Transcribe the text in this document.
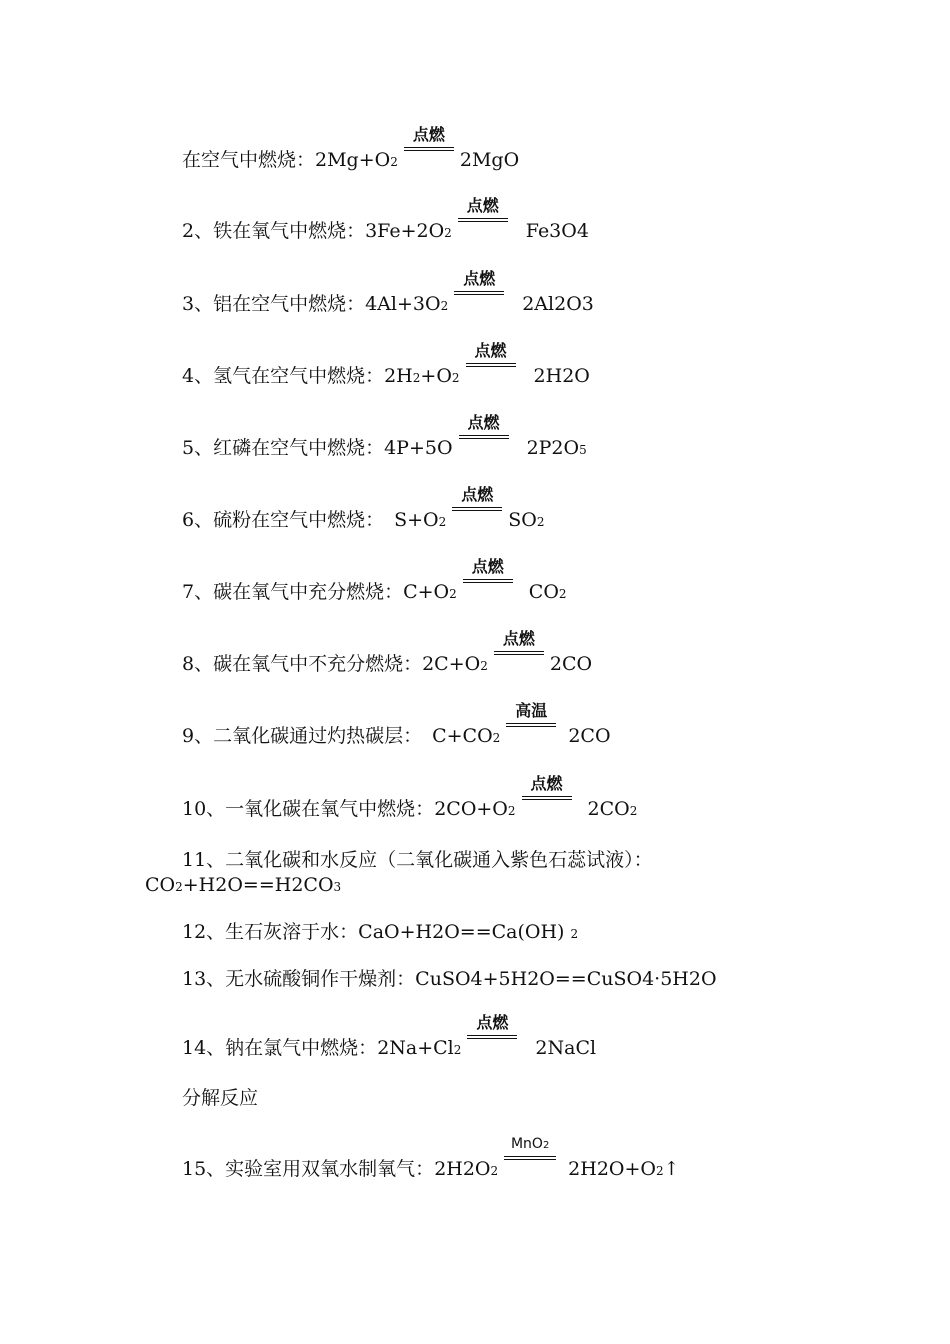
在空气中燃烧：2Mg+O2
点燃
2MgO
2、铁在氧气中燃烧：3Fe+2O2
点燃
Fe3O4
3、铝在空气中燃烧：4Al+3O2
点燃
2Al2O3
4、氢气在空气中燃烧：2H2+O2
点燃
2H2O
5、红磷在空气中燃烧：4P+5O
点燃
2P2O5
6、硫粉在空气中燃烧： S+O2
点燃
SO2
7、碳在氧气中充分燃烧：C+O2
点燃
CO2
8、碳在氧气中不充分燃烧：2C+O2
点燃
2CO
9、二氧化碳通过灼热碳层： C+CO2
高温
2CO
10、一氧化碳在氧气中燃烧：2CO+O2
点燃
2CO2
11、二氧化碳和水反应（二氧化碳通入紫色石蕊试液）：
CO2+H2O==H2CO3
12、生石灰溶于水：CaO+H2O==Ca(OH) 2
13、无水硫酸铜作干燥剂：CuSO4+5H2O==CuSO4·5H2O
14、钠在氯气中燃烧：2Na+Cl2
点燃
2NaCl
分解反应
15、实验室用双氧水制氧气：2H2O2
MnO2
2H2O+O2↑
